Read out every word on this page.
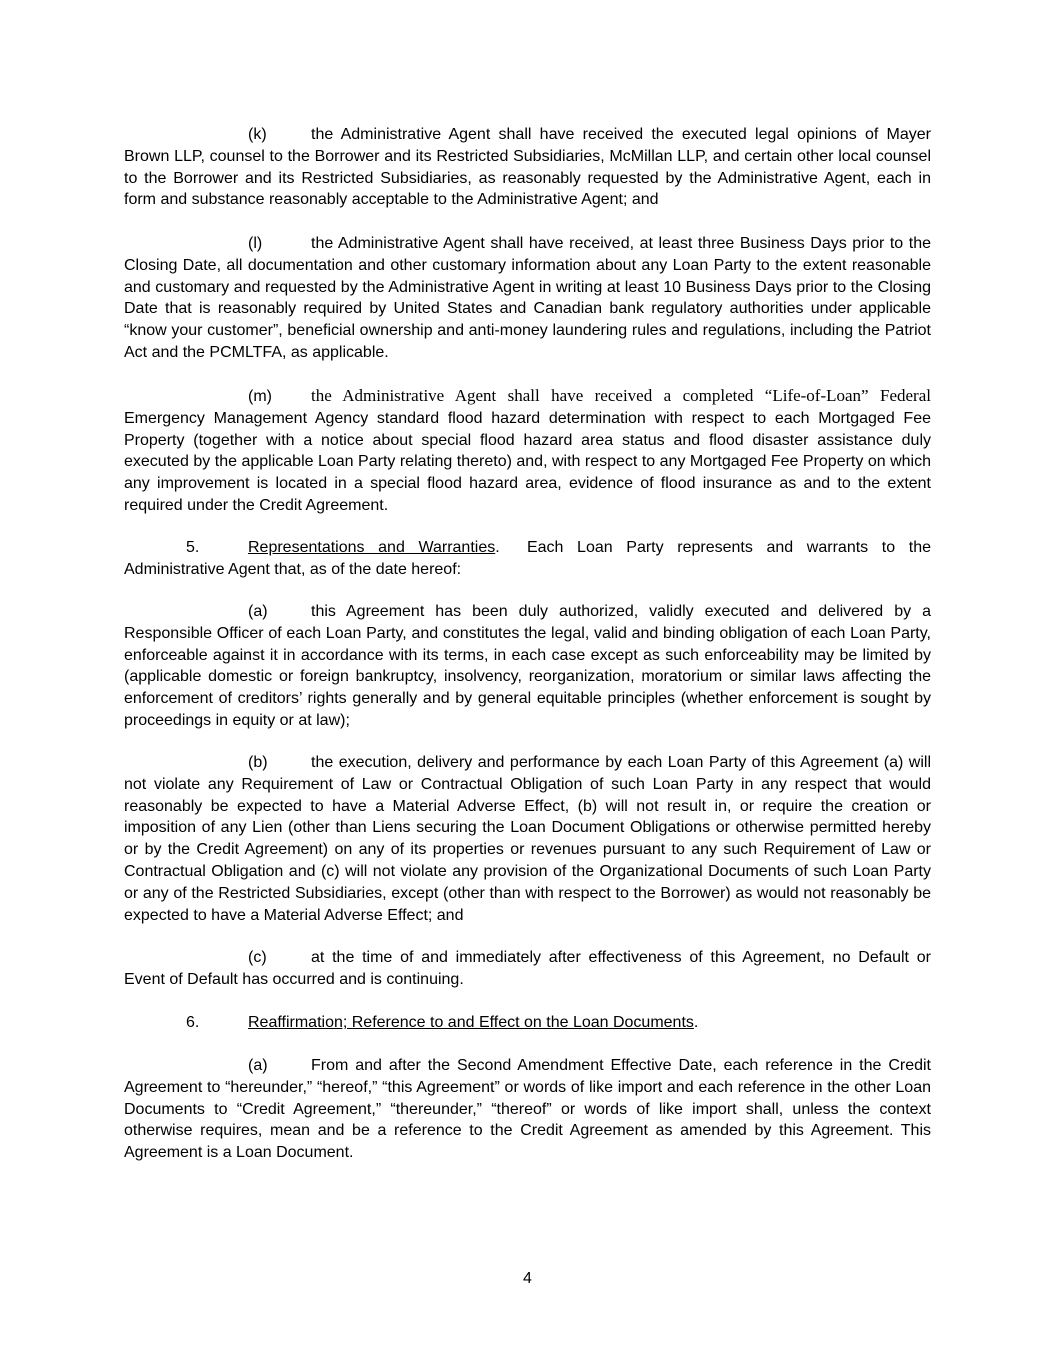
(k)	the Administrative Agent shall have received the executed legal opinions of Mayer Brown LLP, counsel to the Borrower and its Restricted Subsidiaries, McMillan LLP, and certain other local counsel to the Borrower and its Restricted Subsidiaries, as reasonably requested by the Administrative Agent, each in form and substance reasonably acceptable to the Administrative Agent; and

(l)	the Administrative Agent shall have received, at least three Business Days prior to the Closing Date, all documentation and other customary information about any Loan Party to the extent reasonable and customary and requested by the Administrative Agent in writing at least 10 Business Days prior to the Closing Date that is reasonably required by United States and Canadian bank regulatory authorities under applicable “know your customer”, beneficial ownership and anti-money laundering rules and regulations, including the Patriot Act and the PCMLTFA, as applicable.

(m) the Administrative Agent shall have received a completed “Life-of-Loan” Federal Emergency Management Agency standard flood hazard determination with respect to each Mortgaged Fee Property (together with a notice about special flood hazard area status and flood disaster assistance duly executed by the applicable Loan Party relating thereto) and, with respect to any Mortgaged Fee Property on which any improvement is located in a special flood hazard area, evidence of flood insurance as and to the extent required under the Credit Agreement.

5.	Representations and Warranties. Each Loan Party represents and warrants to the Administrative Agent that, as of the date hereof:

(a)	this Agreement has been duly authorized, validly executed and delivered by a Responsible Officer of each Loan Party, and constitutes the legal, valid and binding obligation of each Loan Party, enforceable against it in accordance with its terms, in each case except as such enforceability may be limited by (applicable domestic or foreign bankruptcy, insolvency, reorganization, moratorium or similar laws affecting the enforcement of creditors’ rights generally and by general equitable principles (whether enforcement is sought by proceedings in equity or at law);

(b)	the execution, delivery and performance by each Loan Party of this Agreement (a) will not violate any Requirement of Law or Contractual Obligation of such Loan Party in any respect that would reasonably be expected to have a Material Adverse Effect, (b) will not result in, or require the creation or imposition of any Lien (other than Liens securing the Loan Document Obligations or otherwise permitted hereby or by the Credit Agreement) on any of its properties or revenues pursuant to any such Requirement of Law or Contractual Obligation and (c) will not violate any provision of the Organizational Documents of such Loan Party or any of the Restricted Subsidiaries, except (other than with respect to the Borrower) as would not reasonably be expected to have a Material Adverse Effect; and

(c)	at the time of and immediately after effectiveness of this Agreement, no Default or Event of Default has occurred and is continuing.

6.	Reaffirmation; Reference to and Effect on the Loan Documents.

(a)	From and after the Second Amendment Effective Date, each reference in the Credit Agreement to “hereunder,” “hereof,” “this Agreement” or words of like import and each reference in the other Loan Documents to “Credit Agreement,” “thereunder,” “thereof” or words of like import shall, unless the context otherwise requires, mean and be a reference to the Credit Agreement as amended by this Agreement. This Agreement is a Loan Document.

4
